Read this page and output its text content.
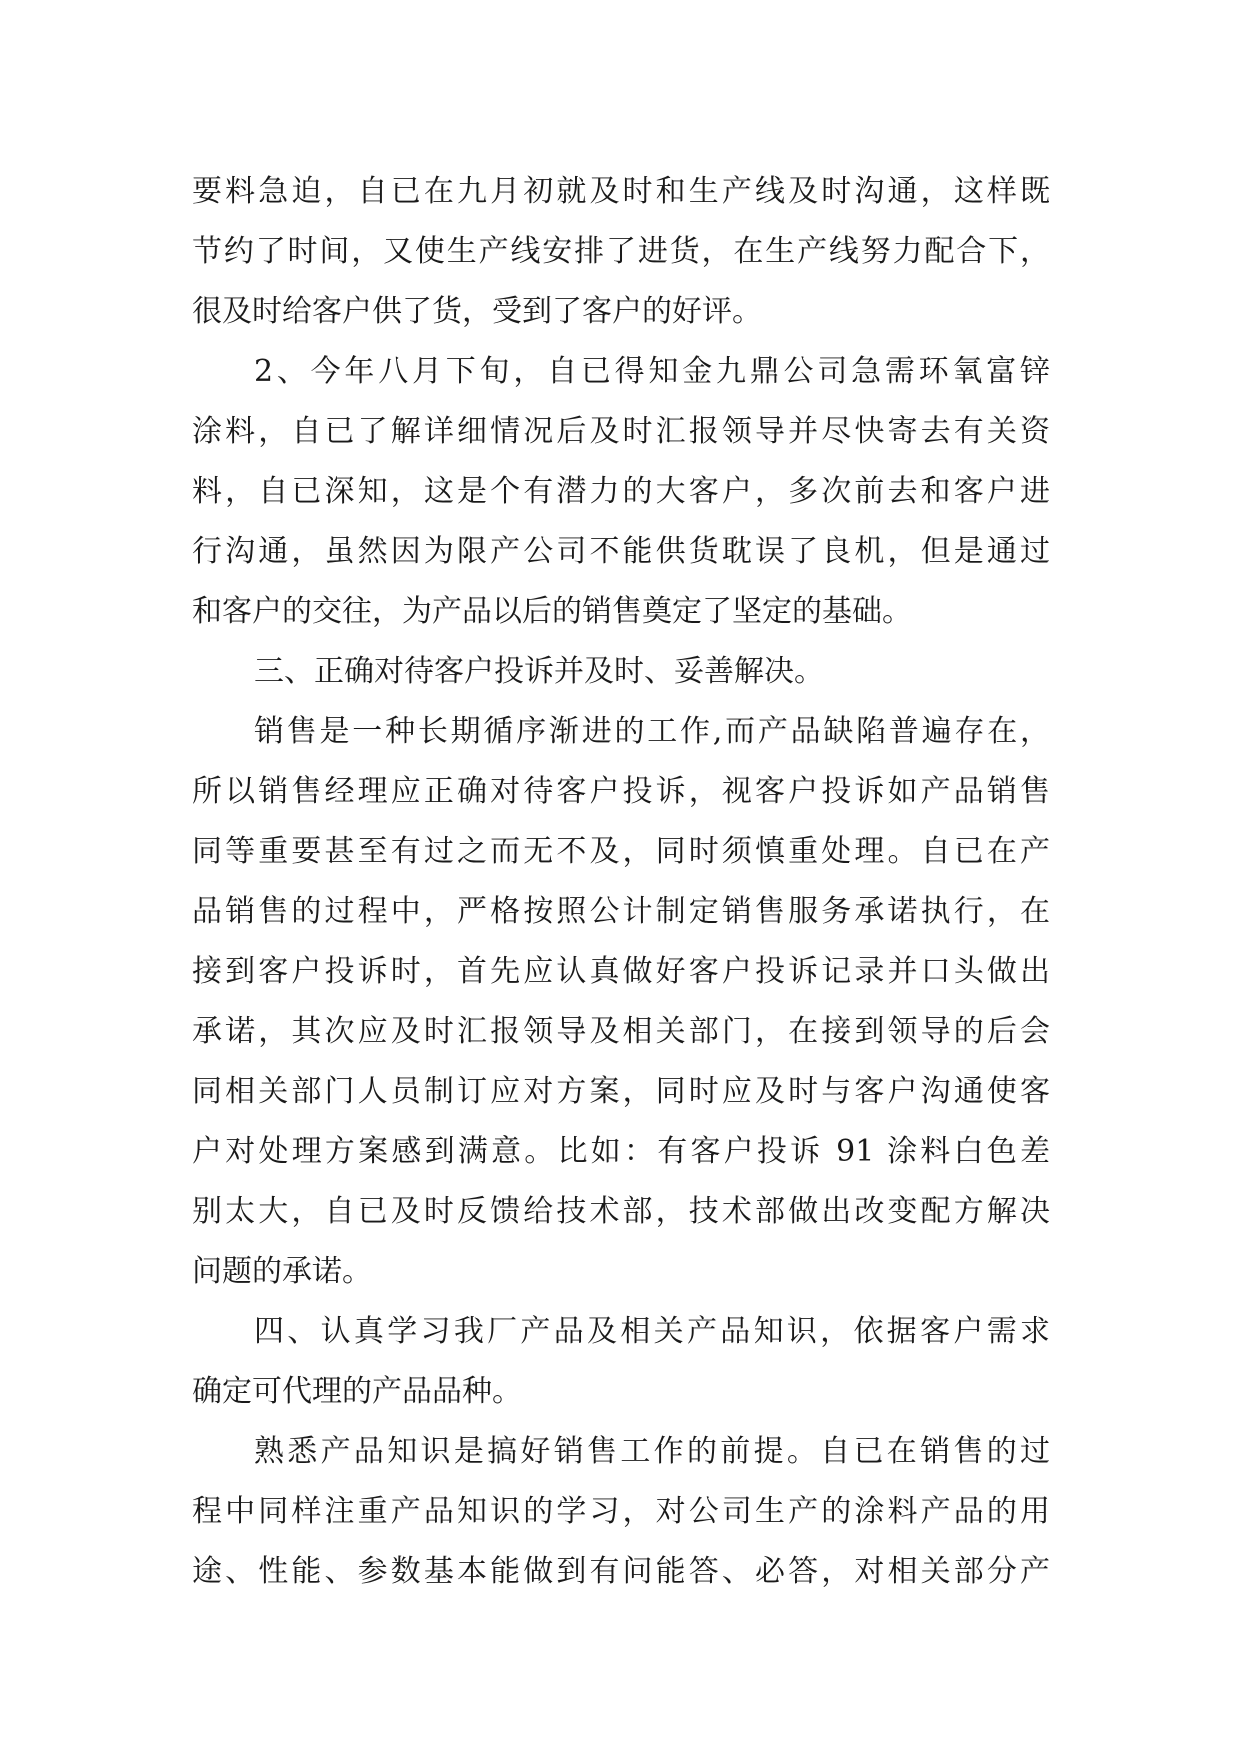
要料急迫，自已在九月初就及时和生产线及时沟通，这样既
节约了时间，又使生产线安排了进货，在生产线努力配合下，
很及时给客户供了货，受到了客户的好评。
2、今年八月下旬，自已得知金九鼎公司急需环氧富锌
涂料，自已了解详细情况后及时汇报领导并尽快寄去有关资
料，自已深知，这是个有潜力的大客户，多次前去和客户进
行沟通，虽然因为限产公司不能供货耽误了良机，但是通过
和客户的交往，为产品以后的销售奠定了坚定的基础。
三、正确对待客户投诉并及时、妥善解决。
销售是一种长期循序渐进的工作,而产品缺陷普遍存在，
所以销售经理应正确对待客户投诉，视客户投诉如产品销售
同等重要甚至有过之而无不及，同时须慎重处理。自已在产
品销售的过程中，严格按照公计制定销售服务承诺执行，在
接到客户投诉时，首先应认真做好客户投诉记录并口头做出
承诺，其次应及时汇报领导及相关部门，在接到领导的后会
同相关部门人员制订应对方案，同时应及时与客户沟通使客
户对处理方案感到满意。比如：有客户投诉 91 涂料白色差
别太大，自已及时反馈给技术部，技术部做出改变配方解决
问题的承诺。
四、认真学习我厂产品及相关产品知识，依据客户需求
确定可代理的产品品种。
熟悉产品知识是搞好销售工作的前提。自已在销售的过
程中同样注重产品知识的学习，对公司生产的涂料产品的用
途、性能、参数基本能做到有问能答、必答，对相关部分产
